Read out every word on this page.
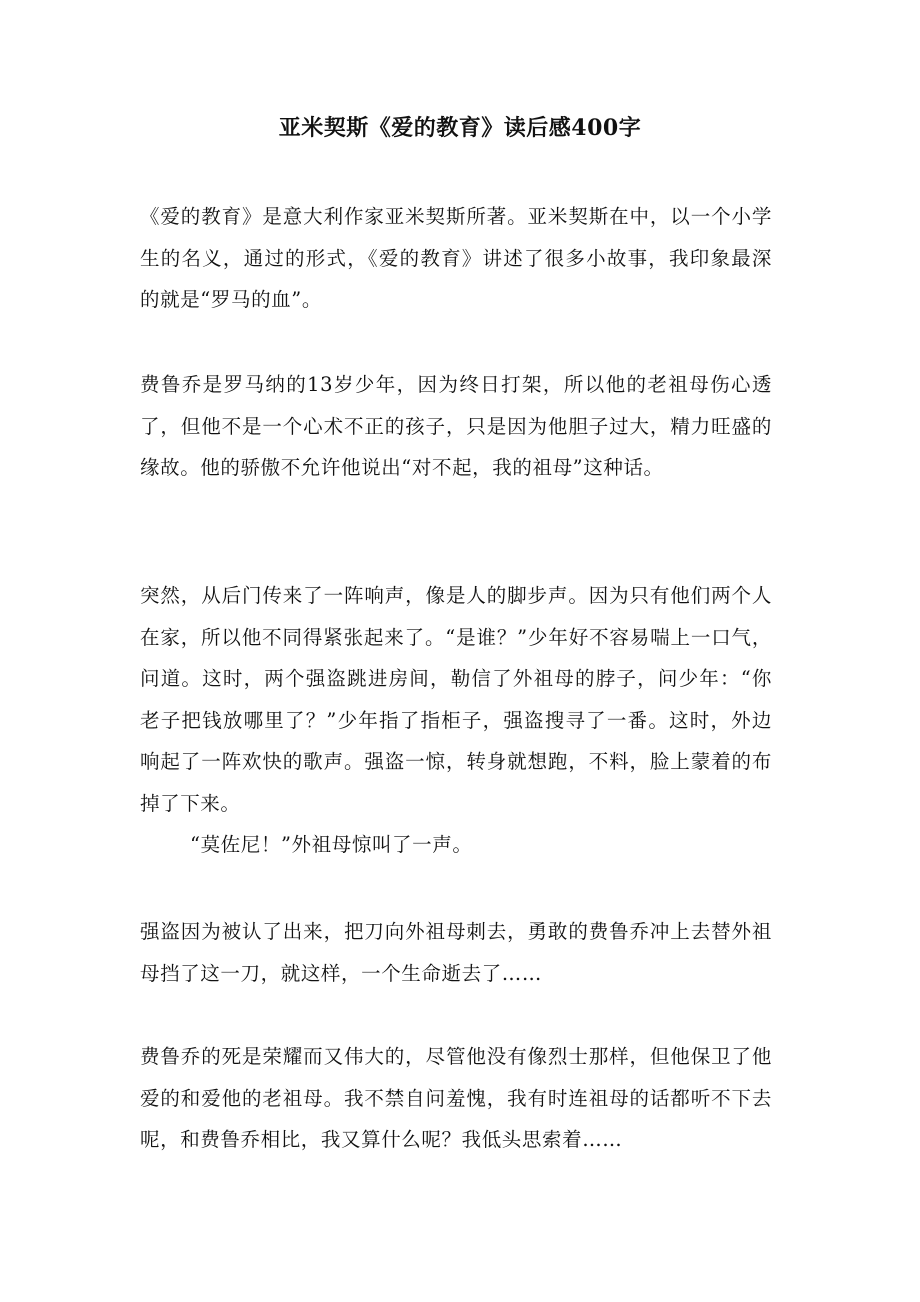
亚米契斯《爱的教育》读后感400字

《爱的教育》是意大利作家亚米契斯所著。亚米契斯在中，以一个小学生的名义，通过的形式，《爱的教育》讲述了很多小故事，我印象最深的就是“罗马的血”。

费鲁乔是罗马纳的13岁少年，因为终日打架，所以他的老祖母伤心透了，但他不是一个心术不正的孩子，只是因为他胆子过大，精力旺盛的缘故。他的骄傲不允许他说出“对不起，我的祖母”这种话。

突然，从后门传来了一阵响声，像是人的脚步声。因为只有他们两个人在家，所以他不同得紧张起来了。“是谁？”少年好不容易喘上一口气，问道。这时，两个强盗跳进房间，勒信了外祖母的脖子，问少年：“你老子把钱放哪里了？”少年指了指柜子，强盗搜寻了一番。这时，外边响起了一阵欢快的歌声。强盗一惊，转身就想跑，不料，脸上蒙着的布掉了下来。

“莫佐尼！”外祖母惊叫了一声。

强盗因为被认了出来，把刀向外祖母刺去，勇敢的费鲁乔冲上去替外祖母挡了这一刀，就这样，一个生命逝去了……

费鲁乔的死是荣耀而又伟大的，尽管他没有像烈士那样，但他保卫了他爱的和爱他的老祖母。我不禁自问羞愧，我有时连祖母的话都听不下去呢，和费鲁乔相比，我又算什么呢？我低头思索着……
